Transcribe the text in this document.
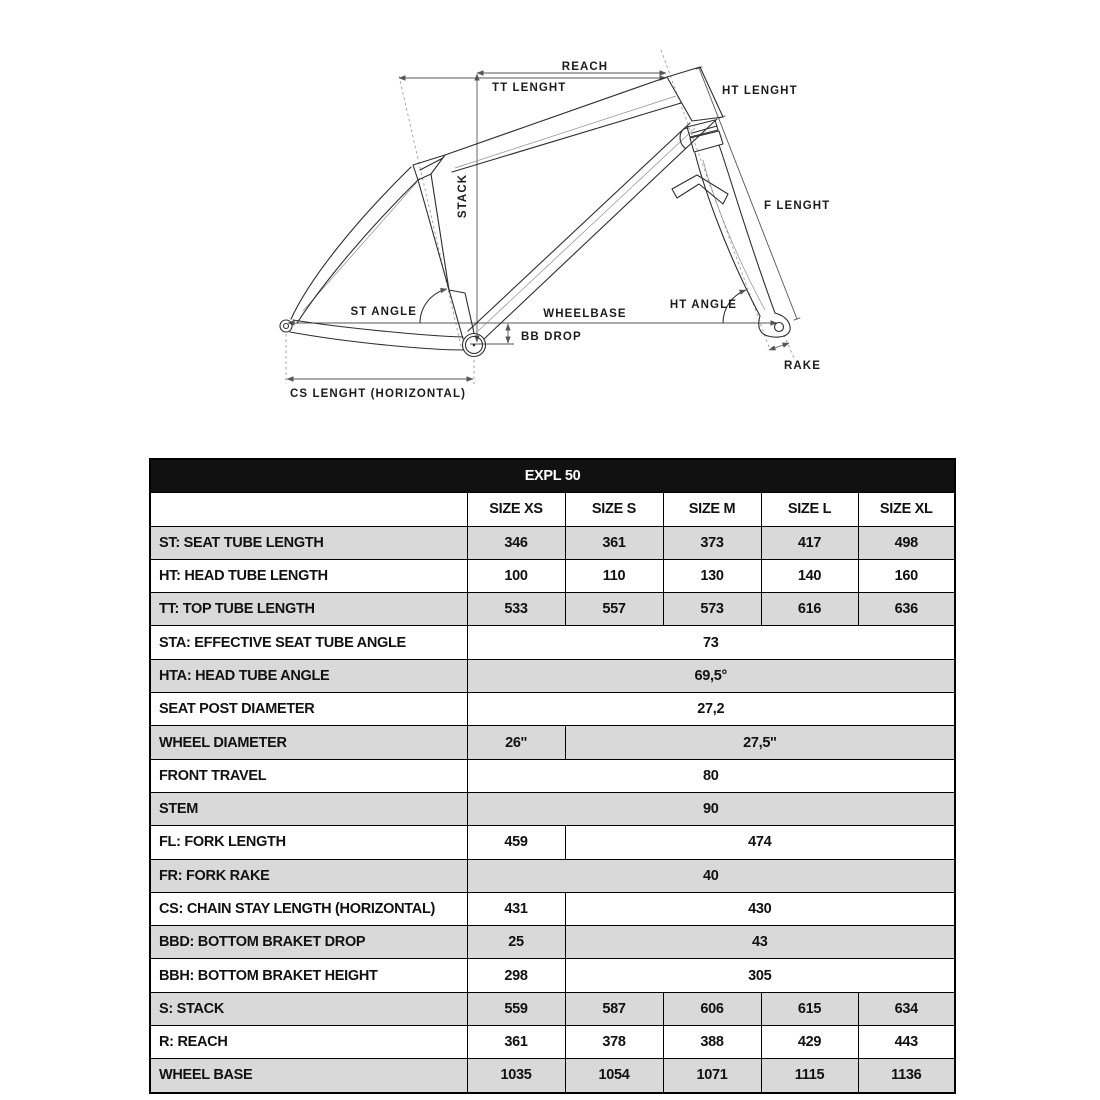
REACH
TT LENGHT	HT LENGHT
STACK	F LENGHT
ST ANGLE	WHEELBASE
BB DROP
HT ANGLE
RAKE
CS LENGHT (HORIZONTAL)
EXPL 50					
	SIZE XS	SIZE S	SIZE M	SIZE L	SIZE XL
ST: SEAT TUBE LENGTH	346	361	373	417	498
HT: HEAD TUBE LENGTH	100	110	130	140	160
TT: TOP TUBE LENGTH	533	557	573	616	636
STA: EFFECTIVE SEAT TUBE ANGLE	73				
HTA: HEAD TUBE ANGLE	69,5°				
SEAT POST DIAMETER	27,2				
WHEEL DIAMETER	26''	27,5''			
FRONT TRAVEL	80				
STEM	90				
FL: FORK LENGTH	459	474			
FR: FORK RAKE	40				
CS: CHAIN STAY LENGTH (HORIZONTAL)	431	430			
BBD: BOTTOM BRAKET DROP	25	43			
BBH: BOTTOM BRAKET HEIGHT	298	305			
S: STACK	559	587	606	615	634
R: REACH	361	378	388	429	443
WHEEL BASE	1035	1054	1071	1115	1136
